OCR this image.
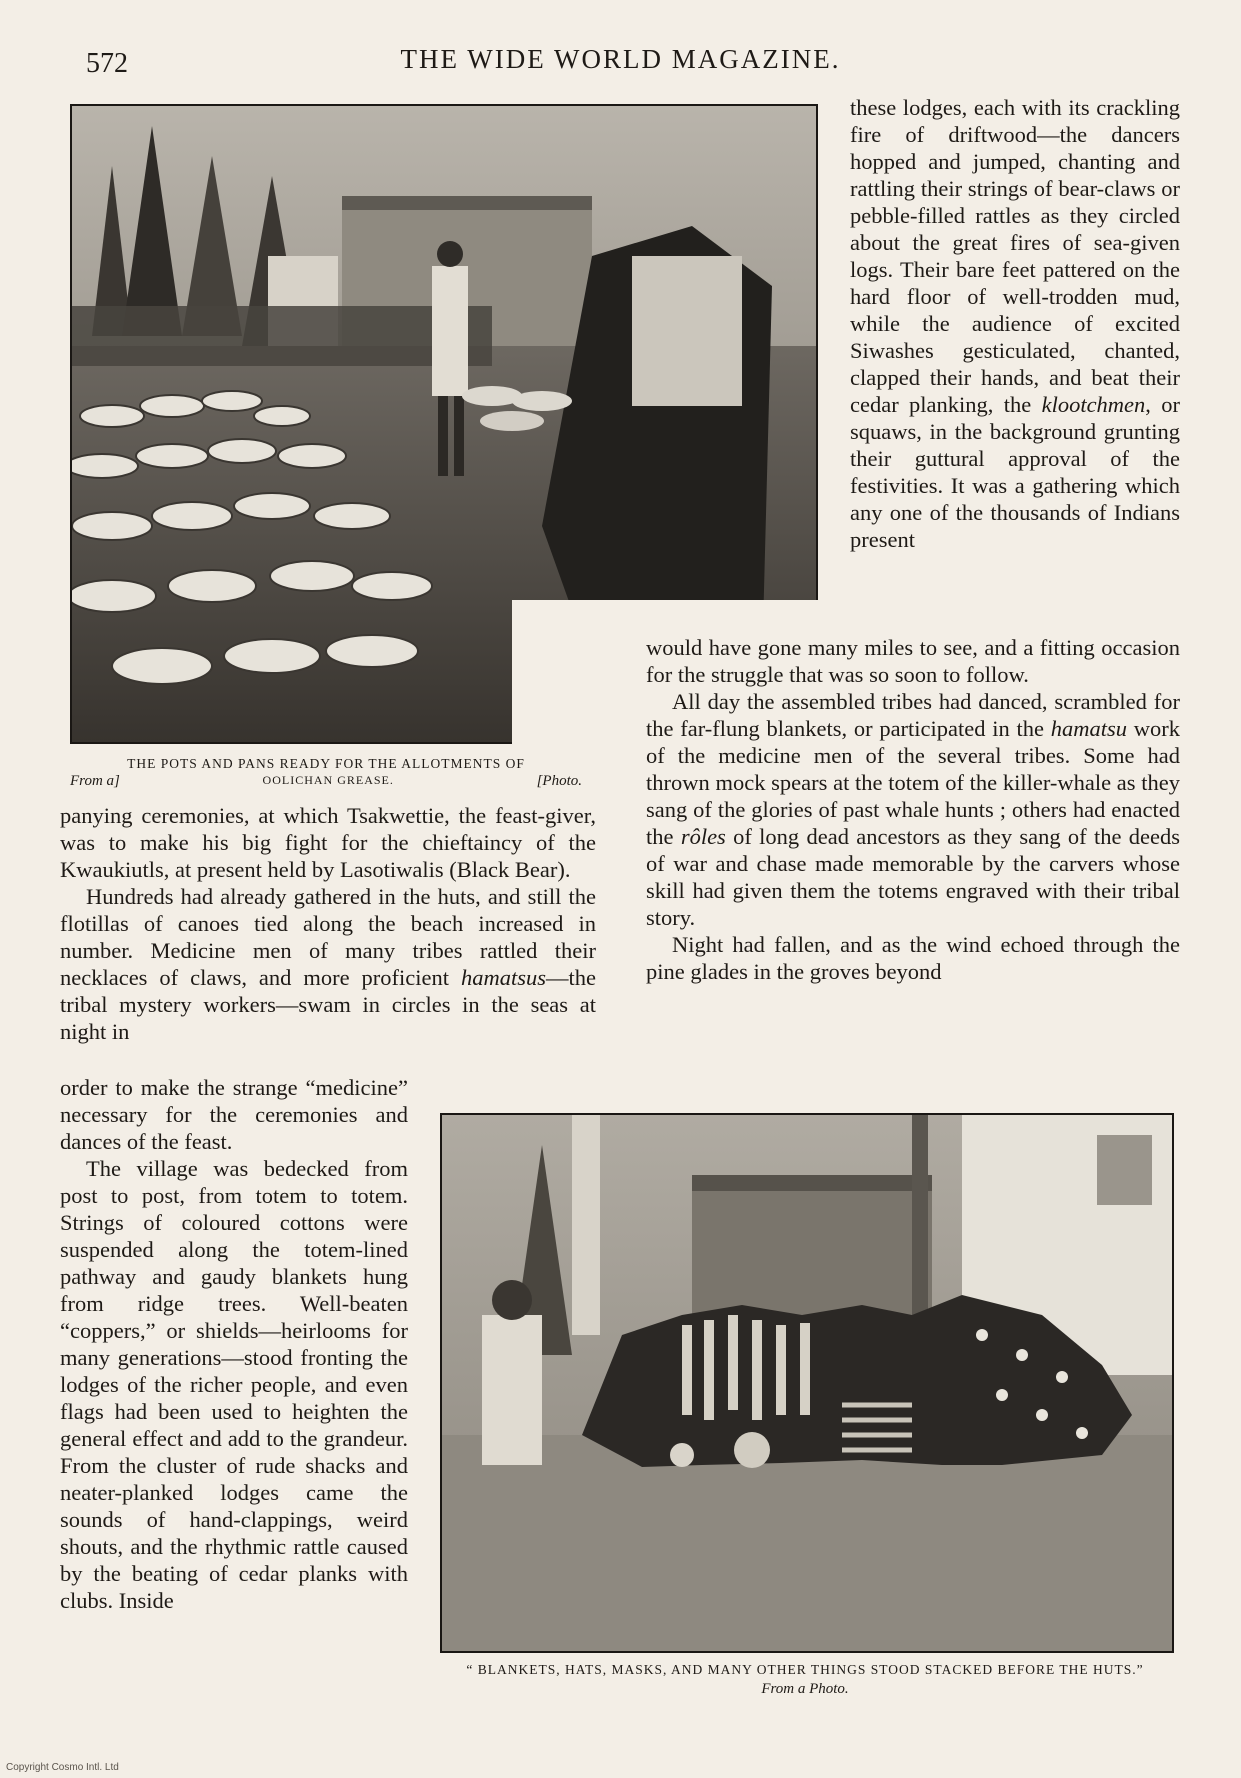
572	THE WIDE WORLD MAGAZINE.
THE POTS AND PANS READY FOR THE ALLOTMENTS OF
From a]	OOLICHAN GREASE.	[Photo.

these lodges, each with its crackling fire of driftwood—the dancers hopped and jumped, chanting and rattling their strings of bear-claws or pebble-filled rattles as they circled about the great fires of sea-given logs. Their bare feet pattered on the hard floor of well-trodden mud, while the audience of excited Siwashes gesticulated, chanted, clapped their hands, and beat their cedar planking, the klootchmen, or squaws, in the background grunting their guttural approval of the festivities. It was a gathering which any one of the thousands of Indians present

would have gone many miles to see, and a fitting occasion for the struggle that was so soon to follow.

All day the assembled tribes had danced, scrambled for the far-flung blankets, or participated in the hamatsu work of the medicine men of the several tribes. Some had thrown mock spears at the totem of the killer-whale as they sang of the glories of past whale hunts ; others had enacted the rôles of long dead ancestors as they sang of the deeds of war and chase made memorable by the carvers whose skill had given them the totems engraved with their tribal story.

Night had fallen, and as the wind echoed through the pine glades in the groves beyond

panying ceremonies, at which Tsakwettie, the feast-giver, was to make his big fight for the chieftaincy of the Kwaukiutls, at present held by Lasotiwalis (Black Bear).

Hundreds had already gathered in the huts, and still the flotillas of canoes tied along the beach increased in number. Medicine men of many tribes rattled their necklaces of claws, and more proficient hamatsus—the tribal mystery workers—swam in circles in the seas at night in

order to make the strange “medicine” necessary for the ceremonies and dances of the feast.

The village was bedecked from post to post, from totem to totem. Strings of coloured cottons were suspended along the totem-lined pathway and gaudy blankets hung from ridge trees. Well-beaten “coppers,” or shields—heirlooms for many generations—stood fronting the lodges of the richer people, and even flags had been used to heighten the general effect and add to the grandeur. From the cluster of rude shacks and neater-planked lodges came the sounds of hand-clappings, weird shouts, and the rhythmic rattle caused by the beating of cedar planks with clubs. Inside

“ BLANKETS, HATS, MASKS, AND MANY OTHER THINGS STOOD STACKED BEFORE THE HUTS.”
From a Photo.
Copyright Cosmo Intl. Ltd
